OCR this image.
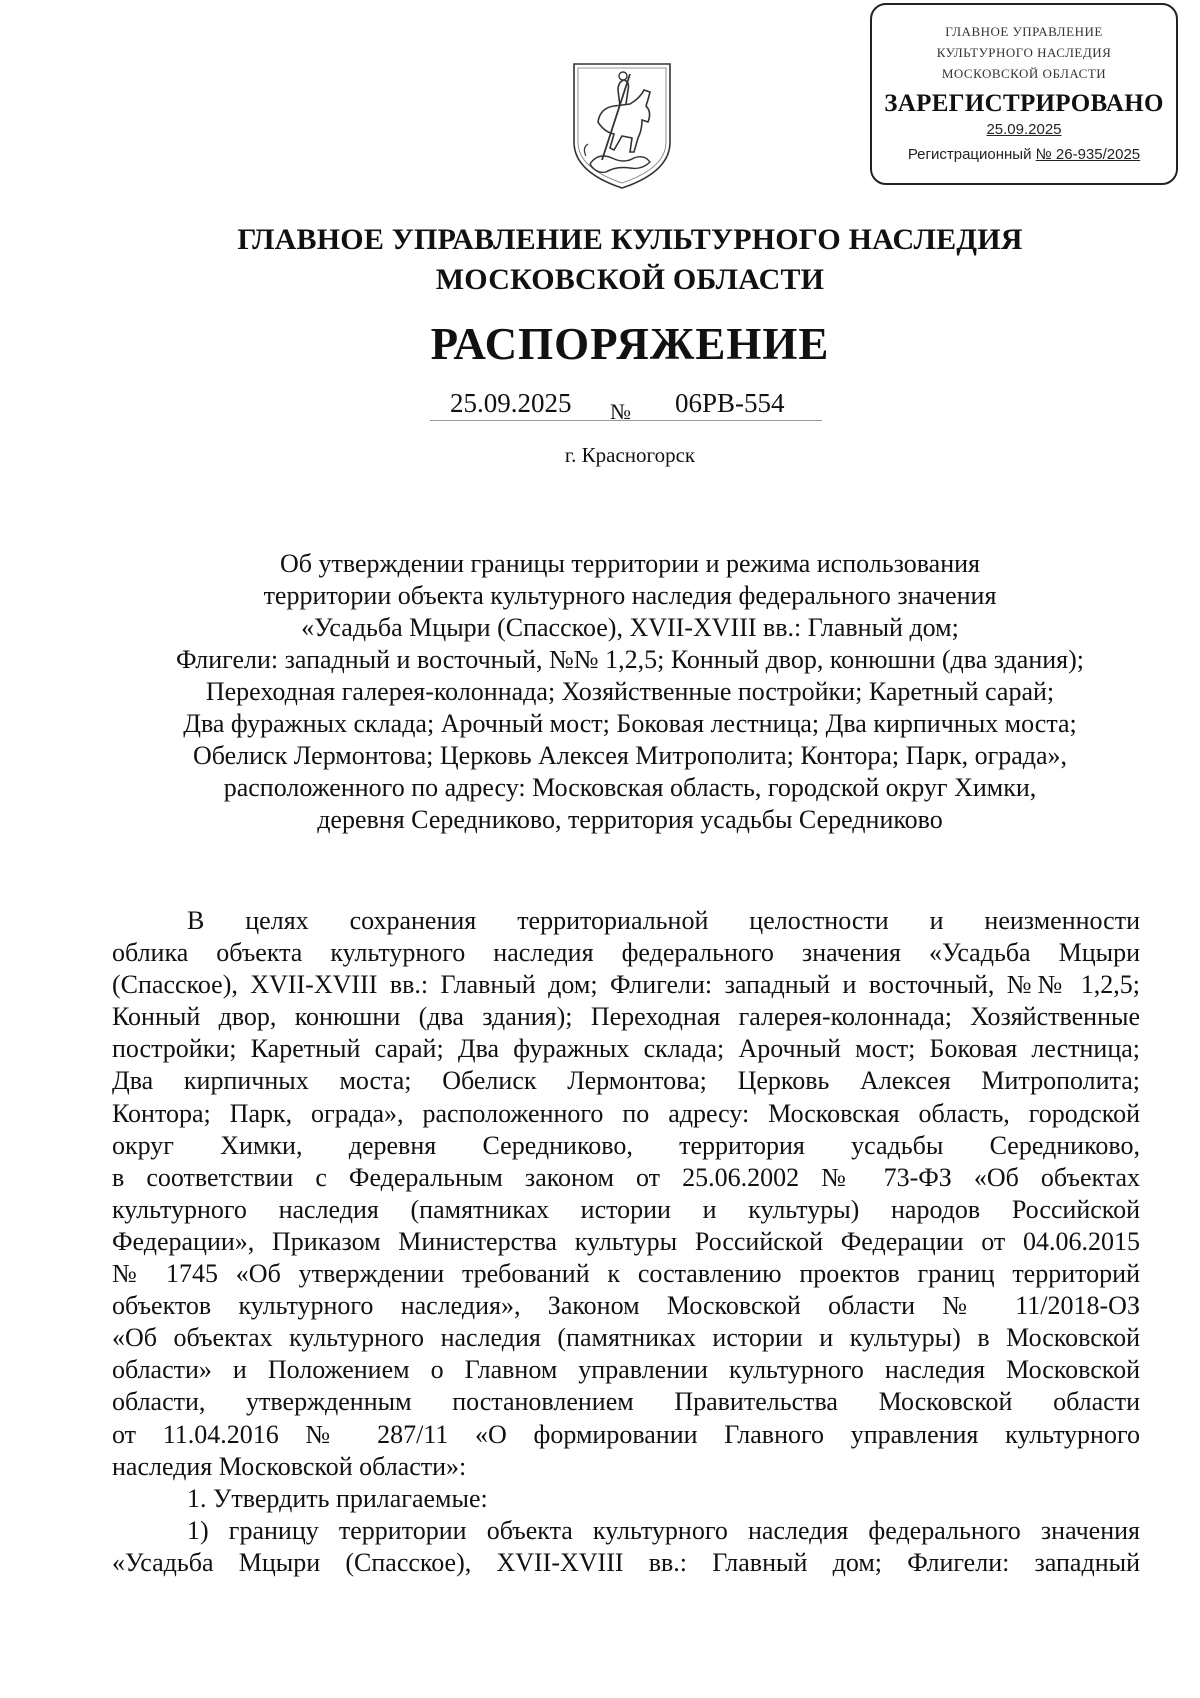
ГЛАВНОЕ УПРАВЛЕНИЕ
КУЛЬТУРНОГО НАСЛЕДИЯ
МОСКОВСКОЙ ОБЛАСТИ
ЗАРЕГИСТРИРОВАНО
25.09.2025
Регистрационный № 26-935/2025
ГЛАВНОЕ УПРАВЛЕНИЕ КУЛЬТУРНОГО НАСЛЕДИЯ
МОСКОВСКОЙ ОБЛАСТИ
РАСПОРЯЖЕНИЕ
25.09.2025 № 06РВ-554
г. Красногорск
Об утверждении границы территории и режима использования
территории объекта культурного наследия федерального значения
«Усадьба Мцыри (Спасское), XVII-XVIII вв.: Главный дом;
Флигели: западный и восточный, №№ 1,2,5; Конный двор, конюшни (два здания);
Переходная галерея-колоннада; Хозяйственные постройки; Каретный сарай;
Два фуражных склада; Арочный мост; Боковая лестница; Два кирпичных моста;
Обелиск Лермонтова; Церковь Алексея Митрополита; Контора; Парк, ограда»,
расположенного по адресу: Московская область, городской округ Химки,
деревня Середниково, территория усадьбы Середниково
В целях сохранения территориальной целостности и неизменности
облика объекта культурного наследия федерального значения «Усадьба Мцыри
(Спасское), XVII-XVIII вв.: Главный дом; Флигели: западный и восточный, №№ 1,2,5;
Конный двор, конюшни (два здания); Переходная галерея-колоннада; Хозяйственные
постройки; Каретный сарай; Два фуражных склада; Арочный мост; Боковая лестница;
Два кирпичных моста; Обелиск Лермонтова; Церковь Алексея Митрополита;
Контора; Парк, ограда», расположенного по адресу: Московская область, городской
округ Химки, деревня Середниково, территория усадьбы Середниково,
в соответствии с Федеральным законом от 25.06.2002 № 73-ФЗ «Об объектах
культурного наследия (памятниках истории и культуры) народов Российской
Федерации», Приказом Министерства культуры Российской Федерации от 04.06.2015
№ 1745 «Об утверждении требований к составлению проектов границ территорий
объектов культурного наследия», Законом Московской области № 11/2018-ОЗ
«Об объектах культурного наследия (памятниках истории и культуры) в Московской
области» и Положением о Главном управлении культурного наследия Московской
области, утвержденным постановлением Правительства Московской области
от 11.04.2016 № 287/11 «О формировании Главного управления культурного
наследия Московской области»:
1. Утвердить прилагаемые:
1) границу территории объекта культурного наследия федерального значения
«Усадьба Мцыри (Спасское), XVII-XVIII вв.: Главный дом; Флигели: западный
